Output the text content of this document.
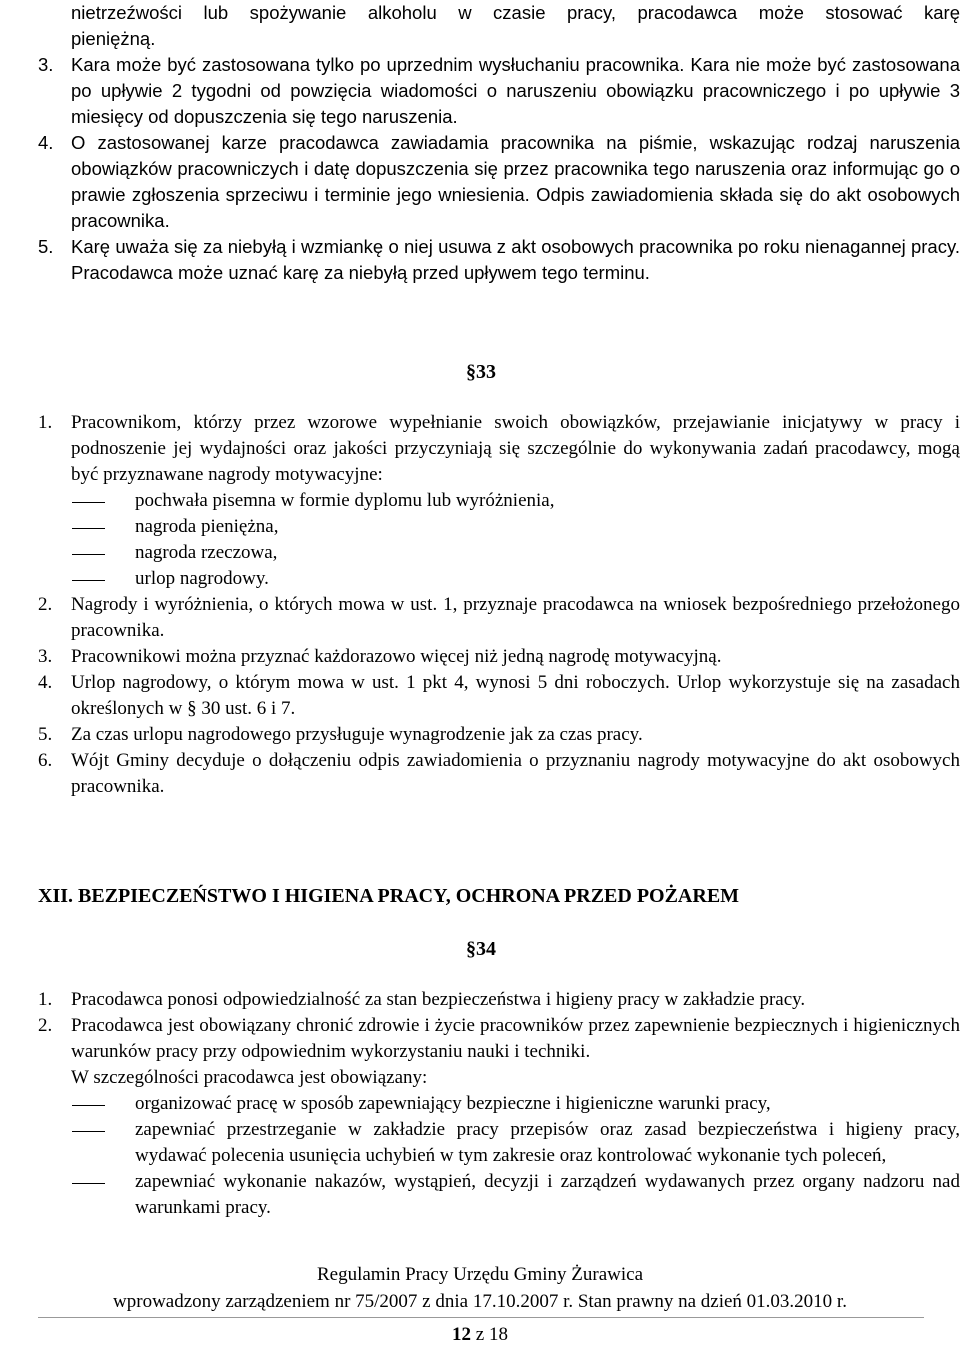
nietrzeźwości lub spożywanie alkoholu w czasie pracy, pracodawca może stosować karę
pieniężną.
3. Kara może być zastosowana tylko po uprzednim wysłuchaniu pracownika. Kara nie może być zastosowana po upływie 2 tygodni od powzięcia wiadomości o naruszeniu obowiązku pracowniczego i po upływie 3 miesięcy od dopuszczenia się tego naruszenia.
4. O zastosowanej karze pracodawca zawiadamia pracownika na piśmie, wskazując rodzaj naruszenia obowiązków pracowniczych i datę dopuszczenia się przez pracownika tego naruszenia oraz informując go o prawie zgłoszenia sprzeciwu i terminie jego wniesienia. Odpis zawiadomienia składa się do akt osobowych pracownika.
5. Karę uważa się za niebyłą i wzmiankę o niej usuwa z akt osobowych pracownika po roku nienagannej pracy. Pracodawca może uznać karę za niebyłą przed upływem tego terminu.
§33
1. Pracownikom, którzy przez wzorowe wypełnianie swoich obowiązków, przejawianie inicjatywy w pracy i podnoszenie jej wydajności oraz jakości przyczyniają się szczególnie do wykonywania zadań pracodawcy, mogą być przyznawane nagrody motywacyjne:
pochwała pisemna w formie dyplomu lub wyróżnienia,
nagroda pieniężna,
nagroda rzeczowa,
urlop nagrodowy.
2. Nagrody i wyróżnienia, o których mowa w ust. 1, przyznaje pracodawca na wniosek bezpośredniego przełożonego pracownika.
3. Pracownikowi można przyznać każdorazowo więcej niż jedną nagrodę motywacyjną.
4. Urlop nagrodowy, o którym mowa w ust. 1 pkt 4, wynosi 5 dni roboczych. Urlop wykorzystuje się na zasadach określonych w § 30 ust. 6 i 7.
5. Za czas urlopu nagrodowego przysługuje wynagrodzenie jak za czas pracy.
6. Wójt Gminy decyduje o dołączeniu odpis zawiadomienia o przyznaniu nagrody motywacyjne do akt osobowych pracownika.
XII. BEZPIECZEŃSTWO I HIGIENA PRACY, OCHRONA PRZED POŻAREM
§34
1. Pracodawca ponosi odpowiedzialność za stan bezpieczeństwa i higieny pracy w zakładzie pracy.
2. Pracodawca jest obowiązany chronić zdrowie i życie pracowników przez zapewnienie bezpiecznych i higienicznych warunków pracy przy odpowiednim wykorzystaniu nauki i techniki.
W szczególności pracodawca jest obowiązany:
organizować pracę w sposób zapewniający bezpieczne i higieniczne warunki pracy,
zapewniać przestrzeganie w zakładzie pracy przepisów oraz zasad bezpieczeństwa i higieny pracy, wydawać polecenia usunięcia uchybień w tym zakresie oraz kontrolować wykonanie tych poleceń,
zapewniać wykonanie nakazów, wystąpień, decyzji i zarządzeń wydawanych przez organy nadzoru nad warunkami pracy.
Regulamin Pracy Urzędu Gminy Żurawica
wprowadzony zarządzeniem nr 75/2007 z dnia 17.10.2007 r. Stan prawny na dzień 01.03.2010 r.
12 z 18
